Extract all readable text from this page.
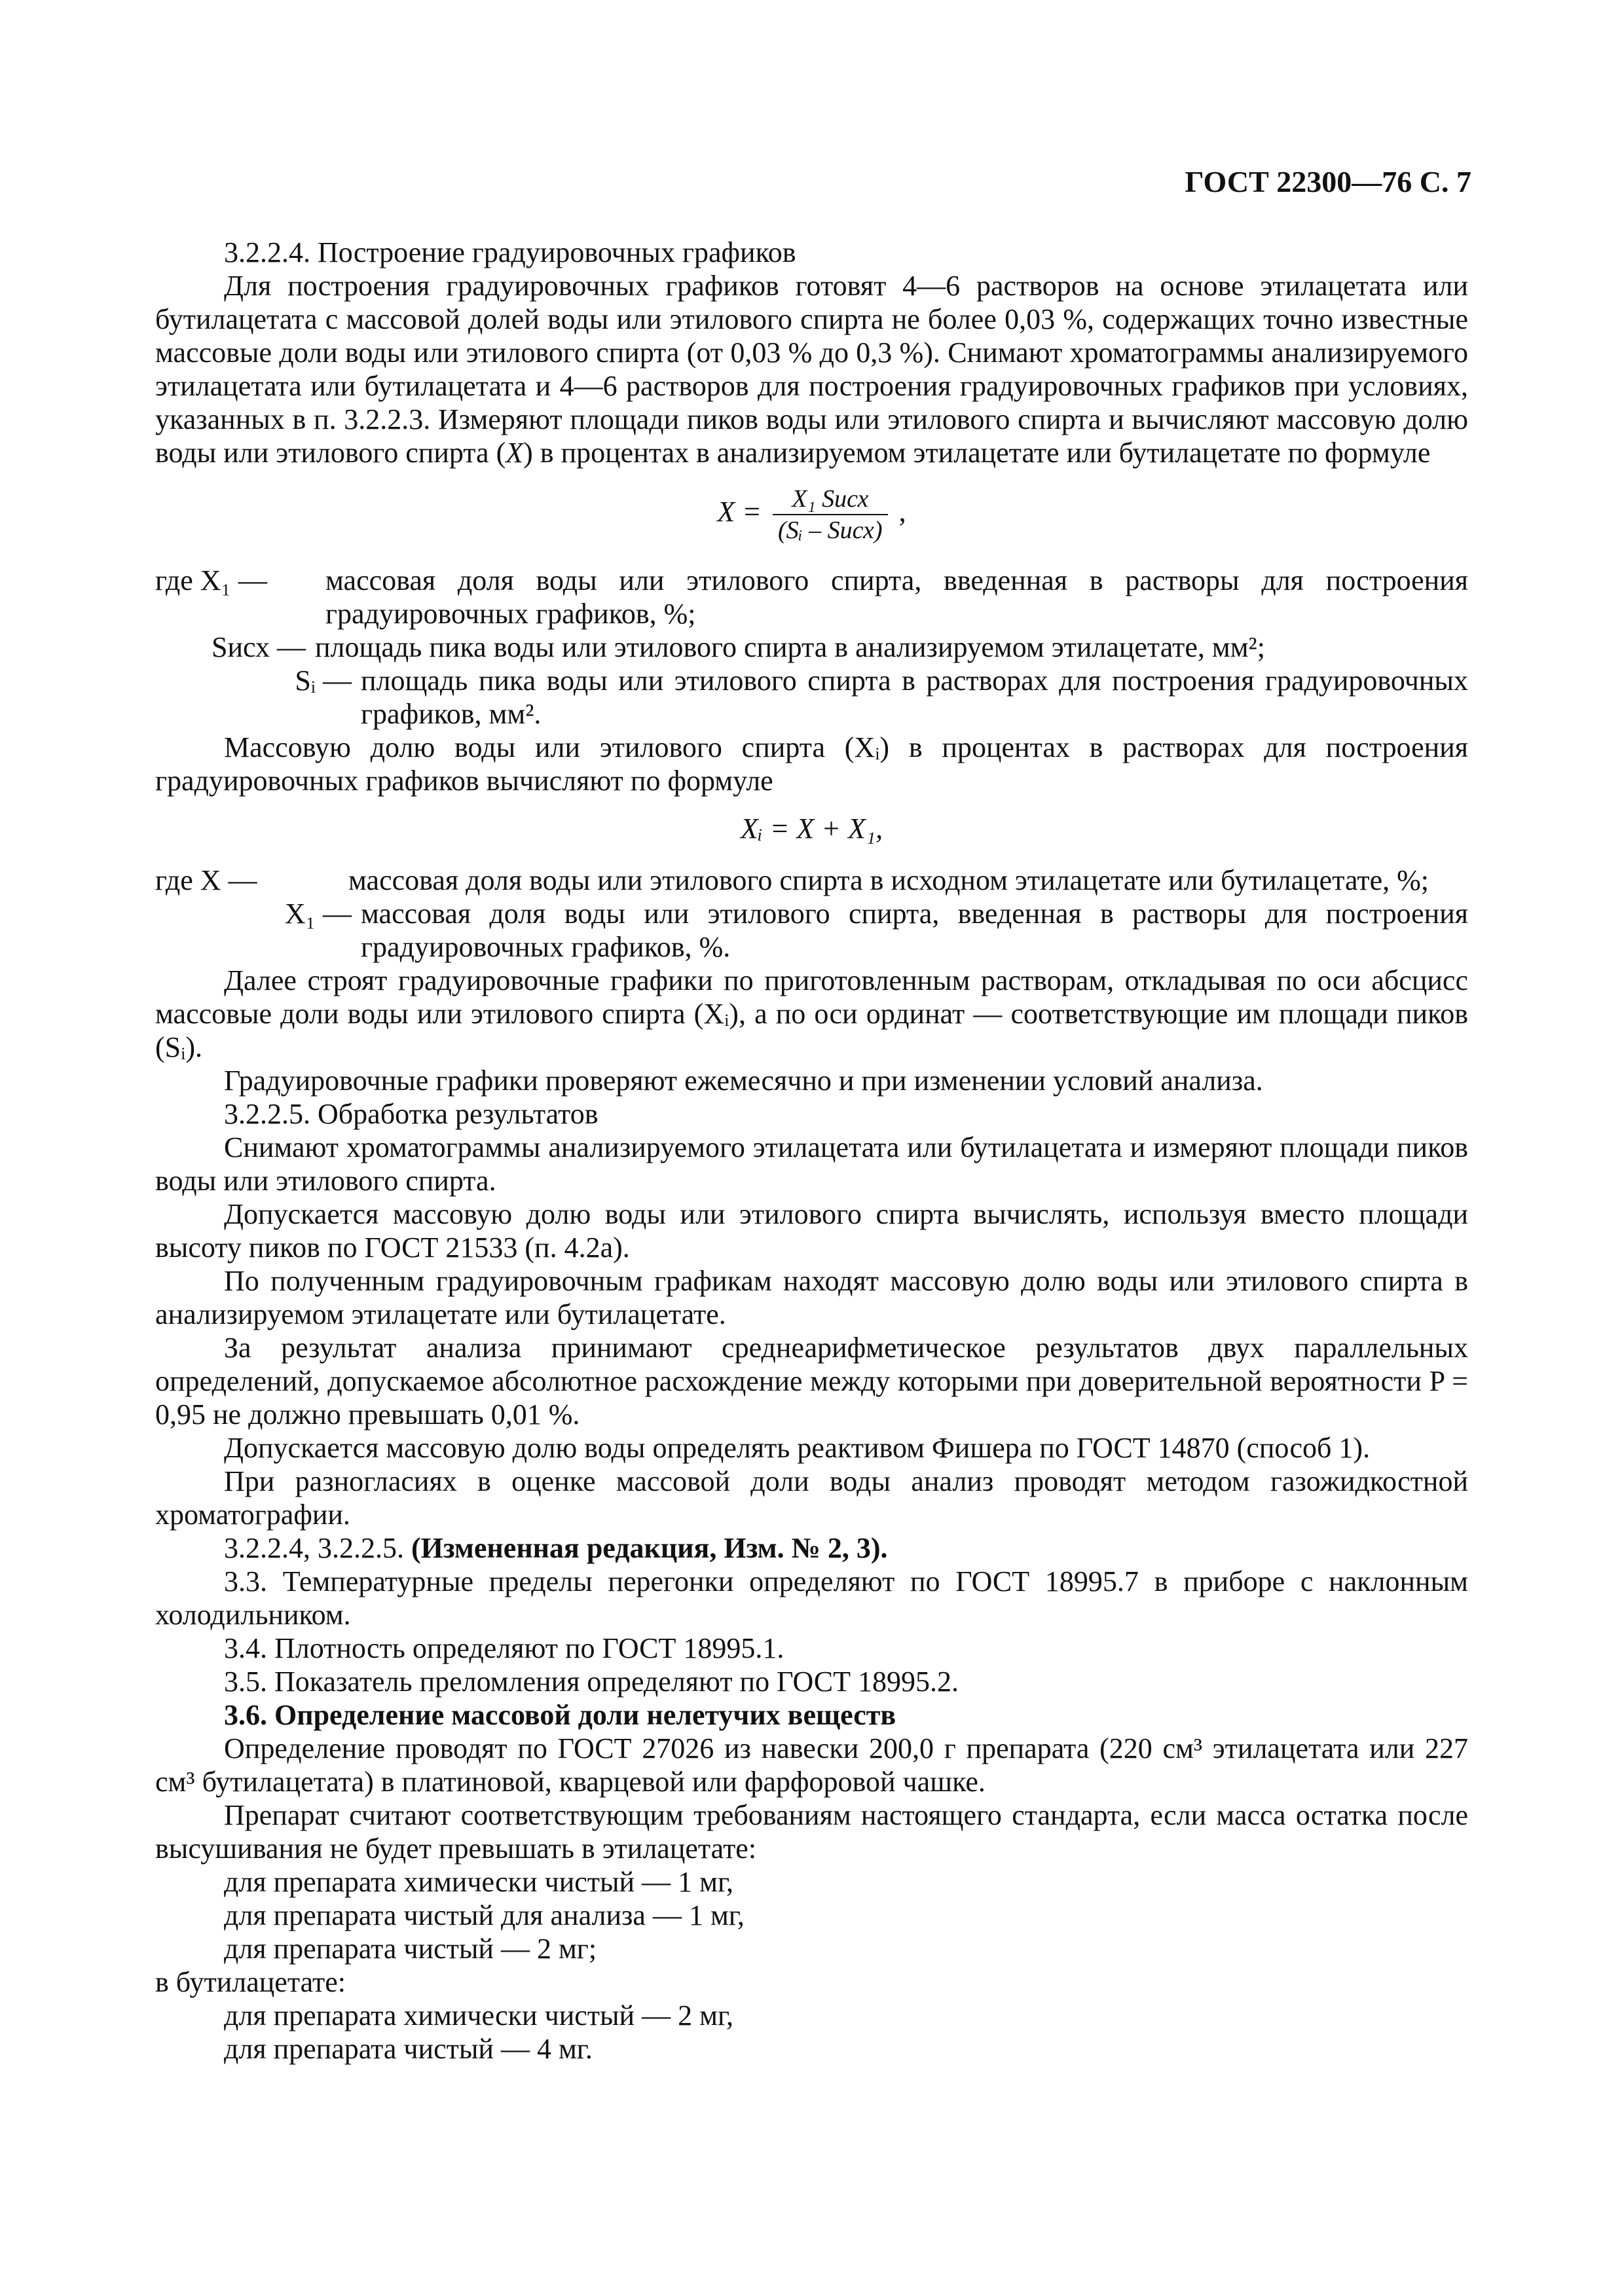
ГОСТ 22300—76 С. 7

3.2.2.4. Построение градуировочных графиков

Для построения градуировочных графиков готовят 4—6 растворов на основе этилацетата или бутилацетата с массовой долей воды или этилового спирта не более 0,03 %, содержащих точно известные массовые доли воды или этилового спирта (от 0,03 % до 0,3 %). Снимают хроматограммы анализируемого этилацетата или бутилацетата и 4—6 растворов для построения градуировочных графиков при условиях, указанных в п. 3.2.2.3. Измеряют площади пиков воды или этилового спирта и вычисляют массовую долю воды или этилового спирта (X) в процентах в анализируемом этилацетате или бутилацетате по формуле

$X = \frac{\text{X₁ Sисх}}{\text{(Sᵢ – Sисх)}}$ ,
где X₁ —	массовая доля воды или этилового спирта, введенная в растворы для построения градуировочных графиков, %;
Sисх — площадь пика воды или этилового спирта в анализируемом этилацетате, мм²;
Sᵢ — площадь пика воды или этилового спирта в растворах для построения градуировочных графиков, мм².

Массовую долю воды или этилового спирта (Xᵢ) в процентах в растворах для построения градуировочных графиков вычисляют по формуле

Xᵢ = X + X₁,
где X —	массовая доля воды или этилового спирта в исходном этилацетате или бутилацетате, %;
X₁ — массовая доля воды или этилового спирта, введенная в растворы для построения градуировочных графиков, %.

Далее строят градуировочные графики по приготовленным растворам, откладывая по оси абсцисс массовые доли воды или этилового спирта (Xᵢ), а по оси ординат — соответствующие им площади пиков (Sᵢ).

Градуировочные графики проверяют ежемесячно и при изменении условий анализа.

3.2.2.5. Обработка результатов

Снимают хроматограммы анализируемого этилацетата или бутилацетата и измеряют площади пиков воды или этилового спирта.

Допускается массовую долю воды или этилового спирта вычислять, используя вместо площади высоту пиков по ГОСТ 21533 (п. 4.2а).

По полученным градуировочным графикам находят массовую долю воды или этилового спирта в анализируемом этилацетате или бутилацетате.

За результат анализа принимают среднеарифметическое результатов двух параллельных определений, допускаемое абсолютное расхождение между которыми при доверительной вероятности P = 0,95 не должно превышать 0,01 %.

Допускается массовую долю воды определять реактивом Фишера по ГОСТ 14870 (способ 1).

При разногласиях в оценке массовой доли воды анализ проводят методом газожидкостной хроматографии.

3.2.2.4, 3.2.2.5. (Измененная редакция, Изм. № 2, 3).

3.3. Температурные пределы перегонки определяют по ГОСТ 18995.7 в приборе с наклонным холодильником.

3.4. Плотность определяют по ГОСТ 18995.1.

3.5. Показатель преломления определяют по ГОСТ 18995.2.

3.6. Определение массовой доли нелетучих веществ

Определение проводят по ГОСТ 27026 из навески 200,0 г препарата (220 см³ этилацетата или 227 см³ бутилацетата) в платиновой, кварцевой или фарфоровой чашке.

Препарат считают соответствующим требованиям настоящего стандарта, если масса остатка после высушивания не будет превышать в этилацетате:

для препарата химически чистый — 1 мг,

для препарата чистый для анализа — 1 мг,

для препарата чистый — 2 мг;

в бутилацетате:

для препарата химически чистый — 2 мг,

для препарата чистый — 4 мг.
